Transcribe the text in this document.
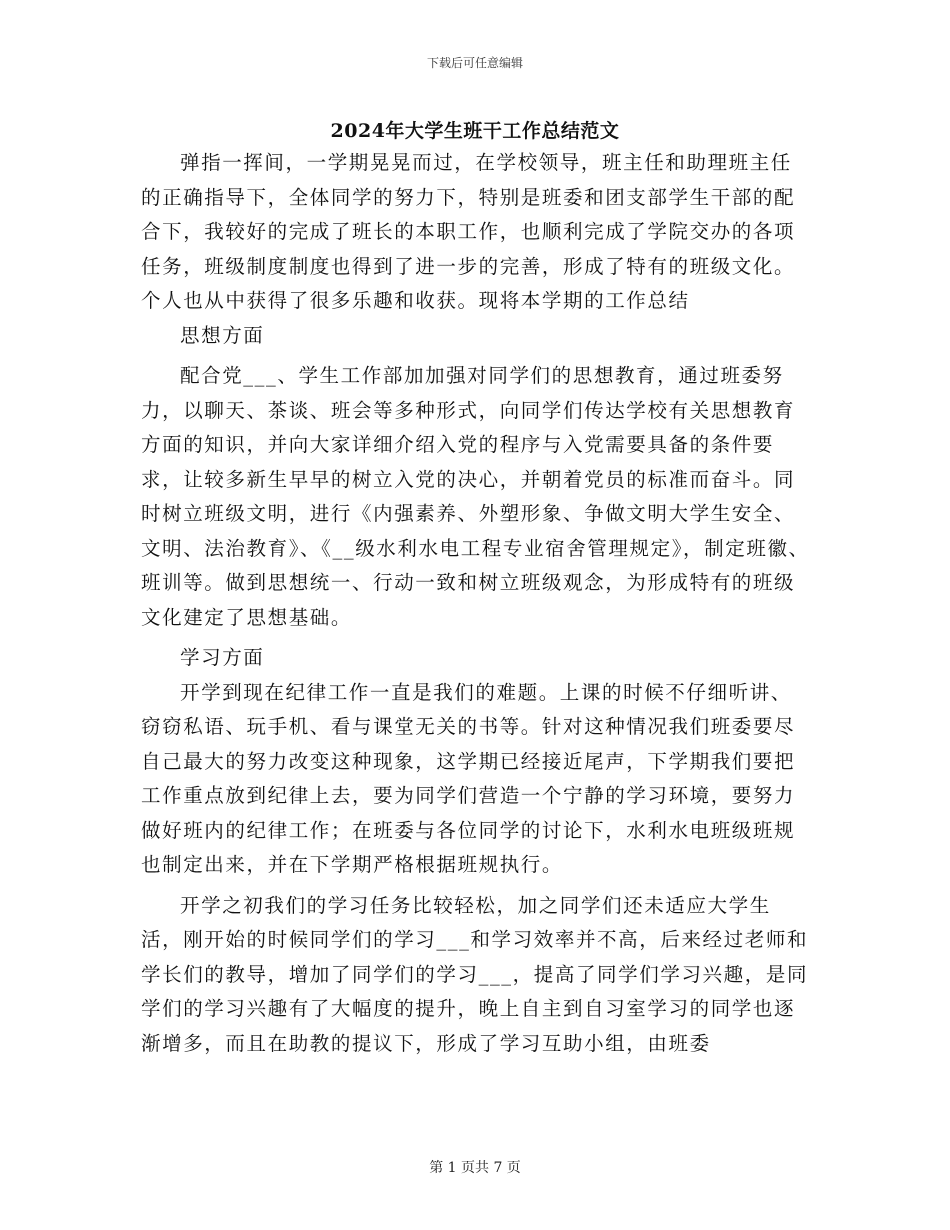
下载后可任意编辑
2024年大学生班干工作总结范文

弹指一挥间，一学期晃晃而过，在学校领导，班主任和助理班主任的正确指导下，全体同学的努力下，特别是班委和团支部学生干部的配合下，我较好的完成了班长的本职工作，也顺利完成了学院交办的各项任务，班级制度制度也得到了进一步的完善，形成了特有的班级文化。个人也从中获得了很多乐趣和收获。现将本学期的工作总结

思想方面

配合党___、学生工作部加加强对同学们的思想教育，通过班委努力，以聊天、茶谈、班会等多种形式，向同学们传达学校有关思想教育方面的知识，并向大家详细介绍入党的程序与入党需要具备的条件要求，让较多新生早早的树立入党的决心，并朝着党员的标准而奋斗。同时树立班级文明，进行《内强素养、外塑形象、争做文明大学生安全、文明、法治教育》、《__级水利水电工程专业宿舍管理规定》，制定班徽、班训等。做到思想统一、行动一致和树立班级观念，为形成特有的班级文化建定了思想基础。

学习方面

开学到现在纪律工作一直是我们的难题。上课的时候不仔细听讲、窃窃私语、玩手机、看与课堂无关的书等。针对这种情况我们班委要尽自己最大的努力改变这种现象，这学期已经接近尾声，下学期我们要把工作重点放到纪律上去，要为同学们营造一个宁静的学习环境，要努力做好班内的纪律工作；在班委与各位同学的讨论下，水利水电班级班规也制定出来，并在下学期严格根据班规执行。

开学之初我们的学习任务比较轻松，加之同学们还未适应大学生活，刚开始的时候同学们的学习___和学习效率并不高，后来经过老师和学长们的教导，增加了同学们的学习___，提高了同学们学习兴趣，是同学们的学习兴趣有了大幅度的提升，晚上自主到自习室学习的同学也逐渐增多，而且在助教的提议下，形成了学习互助小组，由班委

第 1 页共 7 页
